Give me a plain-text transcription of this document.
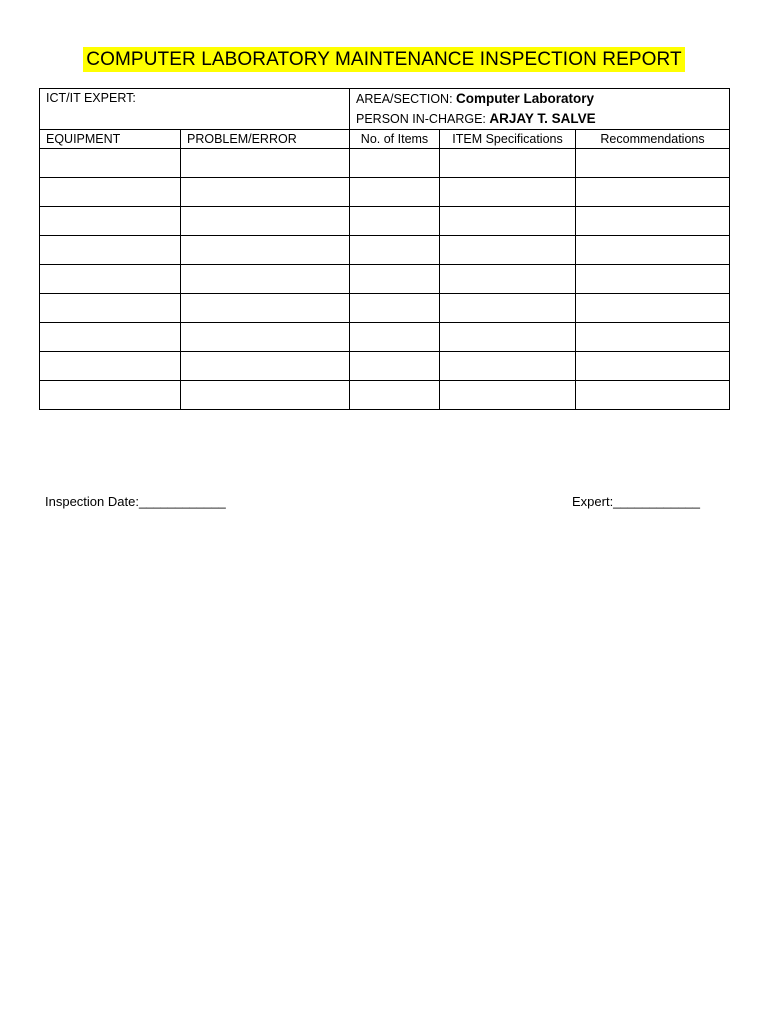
COMPUTER LABORATORY MAINTENANCE INSPECTION REPORT
ICT/IT EXPERT:		AREA/SECTION: Computer Laboratory
PERSON IN-CHARGE: ARJAY T. SALVE		

EQUIPMENT	PROBLEM/ERROR	No. of Items	ITEM Specifications	Recommendations

Inspection Date:____________	Expert:____________
